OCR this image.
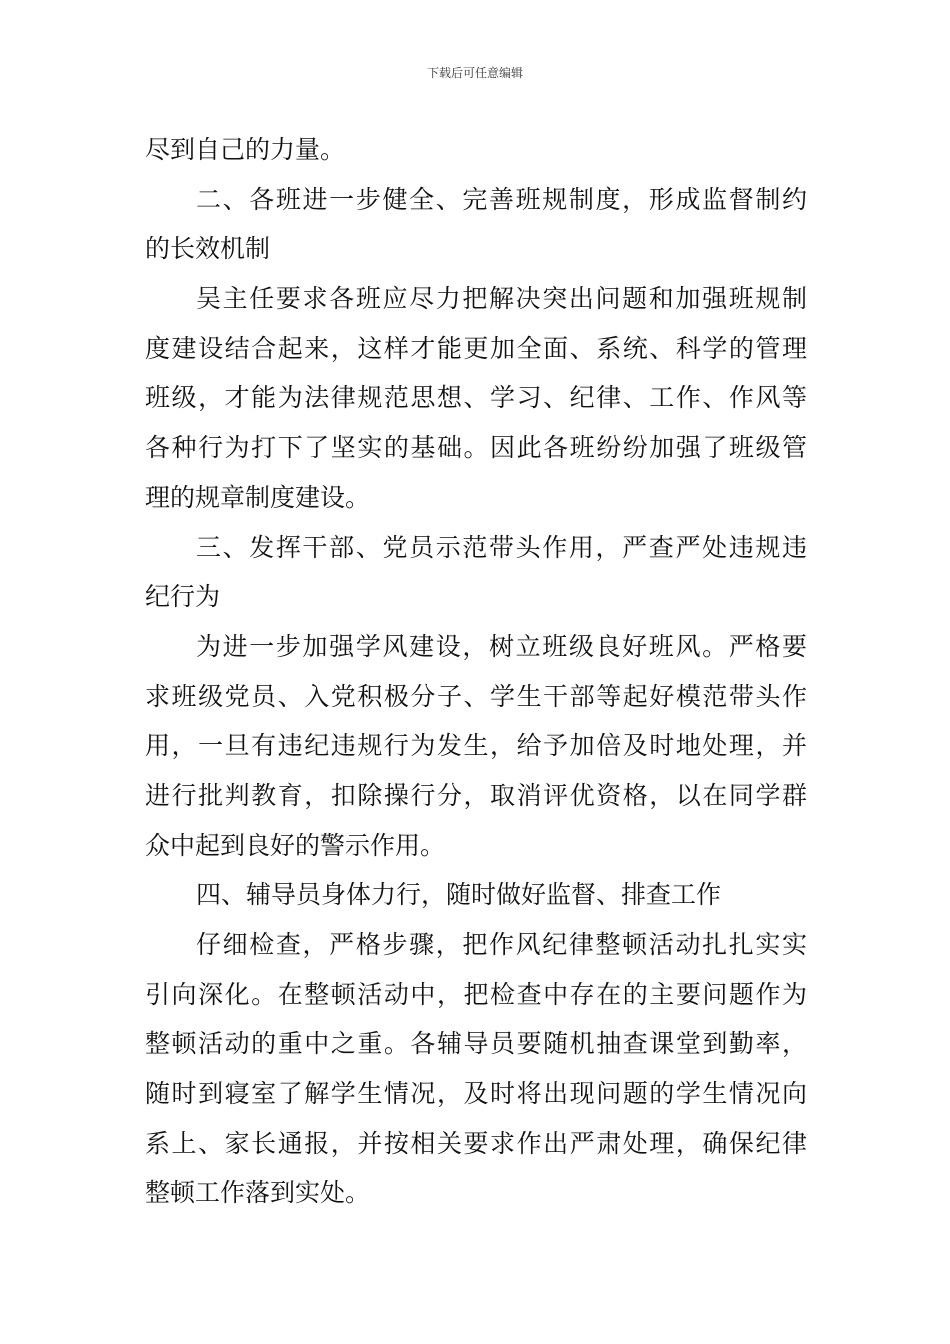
下载后可任意编辑
尽到自己的力量。
二、各班进一步健全、完善班规制度，形成监督制约
的长效机制
吴主任要求各班应尽力把解决突出问题和加强班规制
度建设结合起来，这样才能更加全面、系统、科学的管理
班级，才能为法律规范思想、学习、纪律、工作、作风等
各种行为打下了坚实的基础。因此各班纷纷加强了班级管
理的规章制度建设。
三、发挥干部、党员示范带头作用，严查严处违规违
纪行为
为进一步加强学风建设，树立班级良好班风。严格要
求班级党员、入党积极分子、学生干部等起好模范带头作
用，一旦有违纪违规行为发生，给予加倍及时地处理，并
进行批判教育，扣除操行分，取消评优资格，以在同学群
众中起到良好的警示作用。
四、辅导员身体力行，随时做好监督、排查工作
仔细检查，严格步骤，把作风纪律整顿活动扎扎实实
引向深化。在整顿活动中，把检查中存在的主要问题作为
整顿活动的重中之重。各辅导员要随机抽查课堂到勤率，
随时到寝室了解学生情况，及时将出现问题的学生情况向
系上、家长通报，并按相关要求作出严肃处理，确保纪律
整顿工作落到实处。
